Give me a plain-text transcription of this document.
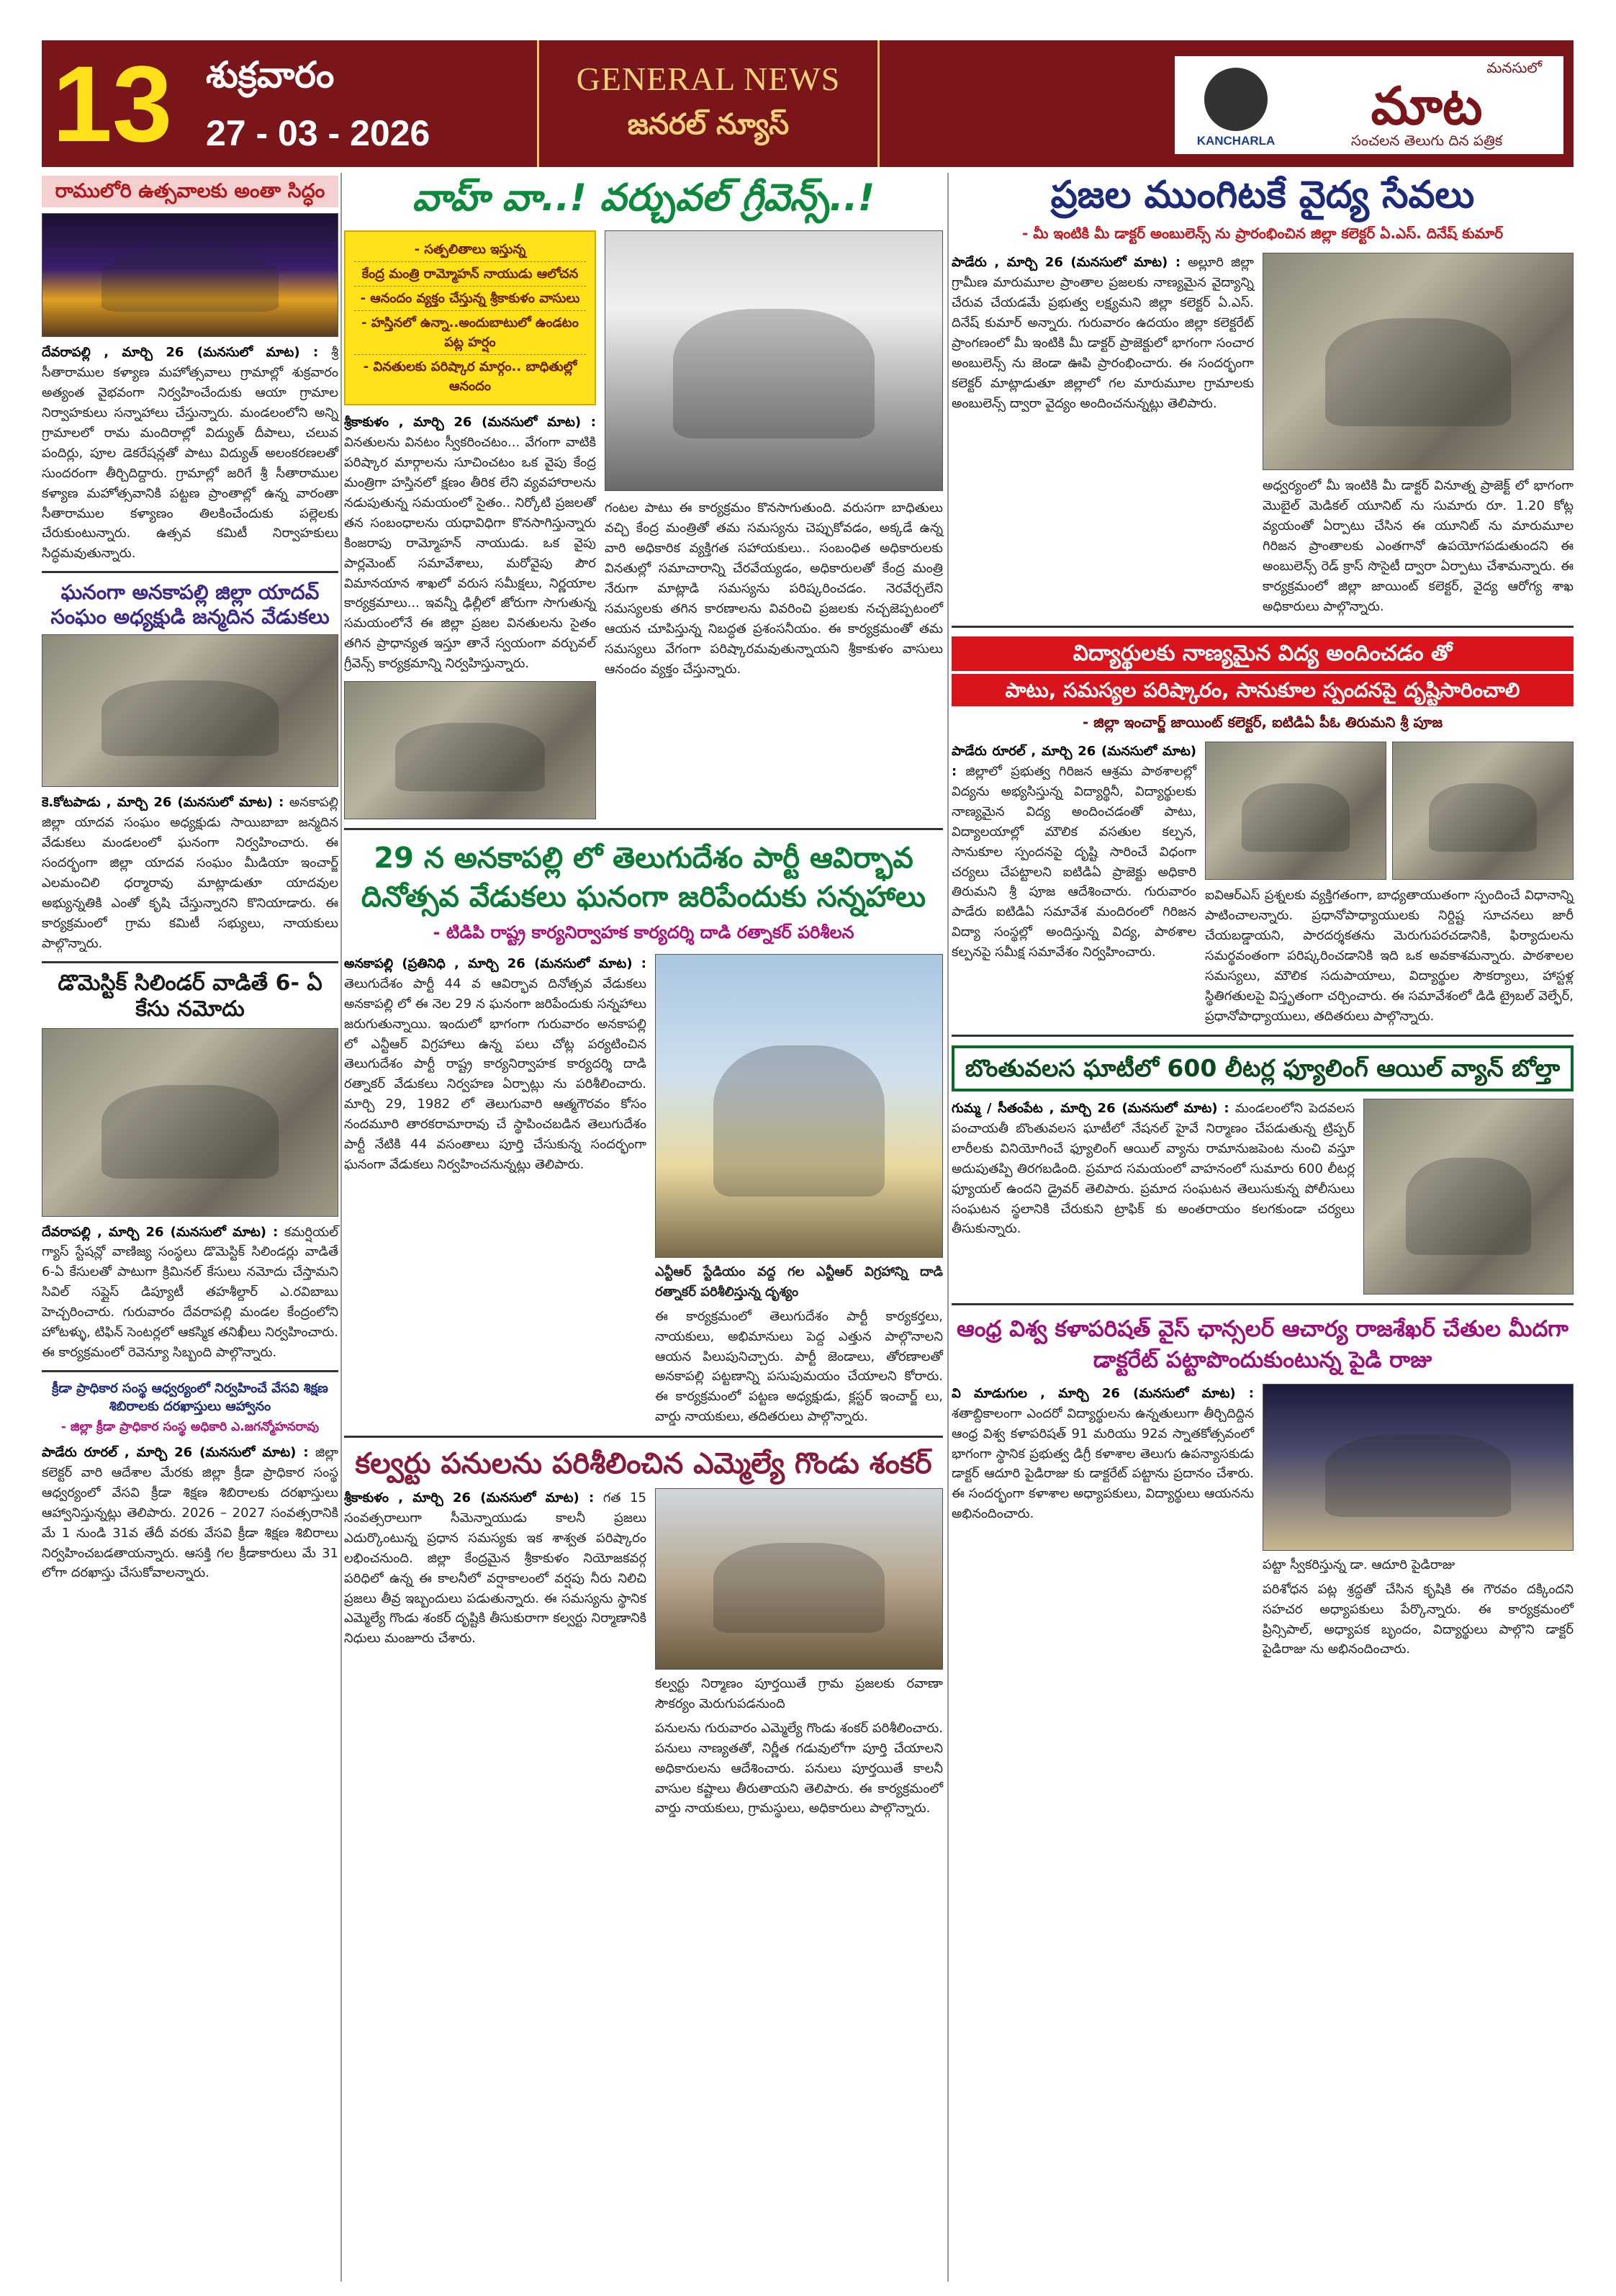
13 శుక్రవారం
27 - 03 - 2026
GENERAL NEWS
జనరల్ న్యూస్	KANCHARLA
మనసులో
మాట
సంచలన తెలుగు దిన పత్రిక
రాములోరి ఉత్సవాలకు అంతా సిద్ధం
దేవరాపల్లి , మార్చి 26 (మనసులో మాట) : శ్రీ సీతారాముల కళ్యాణ మహోత్సవాలు గ్రామాల్లో శుక్రవారం అత్యంత వైభవంగా నిర్వహించేందుకు ఆయా గ్రామాల నిర్వాహకులు సన్నాహాలు చేస్తున్నారు. మండలంలోని అన్ని గ్రామాలలో రామ మందిరాల్లో విద్యుత్ దీపాలు, చలువ పందిర్లు, పూల డెకరేషన్లతో పాటు విద్యుత్ అలంకరణలతో సుందరంగా తీర్చిదిద్దారు. గ్రామాల్లో జరిగే శ్రీ సీతారాముల కళ్యాణ మహోత్సవానికి పట్టణ ప్రాంతాల్లో ఉన్న వారంతా సీతారాముల కళ్యాణం తిలకించేందుకు పల్లెలకు చేరుకుంటున్నారు. ఉత్సవ కమిటీ నిర్వాహకులు సిద్ధమవుతున్నారు.
ఘనంగా అనకాపల్లి జిల్లా యాదవ్ సంఘం అధ్యక్షుడి జన్మదిన వేడుకలు
కె.కోటపాడు , మార్చి 26 (మనసులో మాట) : అనకాపల్లి జిల్లా యాదవ సంఘం అధ్యక్షుడు సాయిబాబా జన్మదిన వేడుకలు మండలంలో ఘనంగా నిర్వహించారు. ఈ సందర్భంగా జిల్లా యాదవ సంఘం మీడియా ఇంచార్జ్ ఎలమంచిలి ధర్మారావు మాట్లాడుతూ యాదవుల అభ్యున్నతికి ఎంతో కృషి చేస్తున్నారని కొనియాడారు. ఈ కార్యక్రమంలో గ్రామ కమిటీ సభ్యులు, నాయకులు పాల్గొన్నారు.
డొమెస్టిక్ సిలిండర్ వాడితే 6- ఏ కేసు నమోదు
దేవరాపల్లి , మార్చి 26 (మనసులో మాట) : కమర్షియల్ గ్యాస్ స్టేషన్లో వాణిజ్య సంస్థలు డొమెస్టిక్ సిలిండర్లు వాడితే 6-ఏ కేసులతో పాటుగా క్రిమినల్ కేసులు నమోదు చేస్తామని సివిల్ సప్లైస్ డిప్యూటీ తహశీల్దార్ ఎ.రవిబాబు హెచ్చరించారు. గురువారం దేవరాపల్లి మండల కేంద్రంలోని హోటళ్ళు, టిఫిన్ సెంటర్లలో ఆకస్మిక తనిఖీలు నిర్వహించారు. ఈ కార్యక్రమంలో రెవెన్యూ సిబ్బంది పాల్గొన్నారు.
క్రీడా ప్రాధికార సంస్థ ఆధ్వర్యంలో నిర్వహించే వేసవి శిక్షణ శిబిరాలకు దరఖాస్తులు ఆహ్వానం
- జిల్లా క్రీడా ప్రాధికార సంస్థ అధికారి ఎ.జగన్మోహనరావు
పాడేరు రూరల్ , మార్చి 26 (మనసులో మాట) : జిల్లా కలెక్టర్ వారి ఆదేశాల మేరకు జిల్లా క్రీడా ప్రాధికార సంస్థ ఆధ్వర్యంలో వేసవి క్రీడా శిక్షణ శిబిరాలకు దరఖాస్తులు ఆహ్వానిస్తున్నట్లు తెలిపారు. 2026 – 2027 సంవత్సరానికి మే 1 నుండి 31వ తేదీ వరకు వేసవి క్రీడా శిక్షణ శిబిరాలు నిర్వహించబడతాయన్నారు. ఆసక్తి గల క్రీడాకారులు మే 31 లోగా దరఖాస్తు చేసుకోవాలన్నారు.
వాహ్ వా..! వర్చువల్ గ్రీవెన్స్..!
- సత్పలితాలు ఇస్తున్న
కేంద్ర మంత్రి రామ్మోహన్ నాయుడు ఆలోచన
- ఆనందం వ్యక్తం చేస్తున్న శ్రీకాకుళం వాసులు
- హస్తినలో ఉన్నా..అందుబాటులో ఉండటం పట్ల హర్షం
- వినతులకు పరిష్కార మార్గం.. బాధితుల్లో ఆనందం
శ్రీకాకుళం , మార్చి 26 (మనసులో మాట) : వినతులను వినటం స్వీకరించటం... వేగంగా వాటికి పరిష్కార మార్గాలను సూచించటం ఒక వైపు కేంద్ర మంత్రిగా హస్తినలో క్షణం తీరిక లేని వ్యవహారాలను నడుపుతున్న సమయంలో సైతం.. నిర్కోటి ప్రజలతో తన సంబంధాలను యధావిధిగా కొనసాగిస్తున్నారు కింజరాపు రామ్మోహన్ నాయుడు. ఒక వైపు పార్లమెంట్ సమావేశాలు, మరోవైపు పౌర విమానయాన శాఖలో వరుస సమీక్షలు, నిర్ణయాల కార్యక్రమాలు... ఇవన్నీ ఢిల్లీలో జోరుగా సాగుతున్న సమయంలోనే ఈ జిల్లా ప్రజల వినతులను సైతం తగిన ప్రాధాన్యత ఇస్తూ తానే స్వయంగా వర్చువల్ గ్రీవెన్స్ కార్యక్రమాన్ని నిర్వహిస్తున్నారు.
గంటల పాటు ఈ కార్యక్రమం కొనసాగుతుంది. వరుసగా బాధితులు వచ్చి కేంద్ర మంత్రితో తమ సమస్యను చెప్పుకోవడం, అక్కడే ఉన్న వారి అధికారిక వ్యక్తిగత సహాయకులు.. సంబంధిత అధికారులకు వినతుల్లో సమాచారాన్ని చేరవేయ్యడం, అధికారులతో కేంద్ర మంత్రి నేరుగా మాట్లాడి సమస్యను పరిష్కరించడం. నెరవేర్చలేని సమస్యలకు తగిన కారణాలను వివరించి ప్రజలకు నచ్చజెప్పటంలో ఆయన చూపిస్తున్న నిబద్ధత ప్రశంసనీయం. ఈ కార్యక్రమంతో తమ సమస్యలు వేగంగా పరిష్కారమవుతున్నాయని శ్రీకాకుళం వాసులు ఆనందం వ్యక్తం చేస్తున్నారు.
29 న అనకాపల్లి లో తెలుగుదేశం పార్టీ ఆవిర్భావ దినోత్సవ వేడుకలు ఘనంగా జరిపేందుకు సన్నహాలు
- టిడిపి రాష్ట్ర కార్యనిర్వాహక కార్యదర్శి దాడి రత్నాకర్ పరిశీలన
అనకాపల్లి (ప్రతినిధి , మార్చి 26 (మనసులో మాట) : తెలుగుదేశం పార్టీ 44 వ ఆవిర్భావ దినోత్సవ వేడుకలు అనకాపల్లి లో ఈ నెల 29 న ఘనంగా జరిపేందుకు సన్నహాలు జరుగుతున్నాయి. ఇందులో భాగంగా గురువారం అనకాపల్లి లో ఎన్టీఆర్ విగ్రహాలు ఉన్న పలు చోట్ల పర్యటించిన తెలుగుదేశం పార్టీ రాష్ట్ర కార్యనిర్వాహక కార్యదర్శి దాడి రత్నాకర్ వేడుకలు నిర్వహణ ఏర్పాట్లు ను పరిశీలించారు. మార్చి 29, 1982 లో తెలుగువారి ఆత్మగౌరవం కోసం నందమూరి తారకరామారావు చే స్థాపించబడిన తెలుగుదేశం పార్టీ నేటికి 44 వసంతాలు పూర్తి చేసుకున్న సందర్భంగా ఘనంగా వేడుకలు నిర్వహించనున్నట్లు తెలిపారు.
ఎన్టీఆర్ స్టేడియం వద్ద గల ఎన్టీఆర్ విగ్రహాన్ని దాడి రత్నాకర్ పరిశీలిస్తున్న దృశ్యం
ఈ కార్యక్రమంలో తెలుగుదేశం పార్టీ కార్యకర్తలు, నాయకులు, అభిమానులు పెద్ద ఎత్తున పాల్గొనాలని ఆయన పిలుపునిచ్చారు. పార్టీ జెండాలు, తోరణాలతో అనకాపల్లి పట్టణాన్ని పసుపుమయం చేయాలని కోరారు. ఈ కార్యక్రమంలో పట్టణ అధ్యక్షుడు, క్లస్టర్ ఇంచార్జ్ లు, వార్డు నాయకులు, తదితరులు పాల్గొన్నారు.
కల్వర్టు పనులను పరిశీలించిన ఎమ్మెల్యే గొండు శంకర్
శ్రీకాకుళం , మార్చి 26 (మనసులో మాట) : గత 15 సంవత్సరాలుగా సీమెన్నాయుడు కాలనీ ప్రజలు ఎదుర్కొంటున్న ప్రధాన సమస్యకు ఇక శాశ్వత పరిష్కారం లభించనుంది. జిల్లా కేంద్రమైన శ్రీకాకుళం నియోజకవర్గ పరిధిలో ఉన్న ఈ కాలనీలో వర్షాకాలంలో వర్షపు నీరు నిలిచి ప్రజలు తీవ్ర ఇబ్బందులు పడుతున్నారు. ఈ సమస్యను స్థానిక ఎమ్మెల్యే గొండు శంకర్ దృష్టికి తీసుకురాగా కల్వర్టు నిర్మాణానికి నిధులు మంజూరు చేశారు.
కల్వర్టు నిర్మాణం పూర్తయితే గ్రామ ప్రజలకు రవాణా సౌకర్యం మెరుగుపడనుంది
పనులను గురువారం ఎమ్మెల్యే గొండు శంకర్ పరిశీలించారు. పనులు నాణ్యతతో, నిర్ణీత గడువులోగా పూర్తి చేయాలని అధికారులను ఆదేశించారు. పనులు పూర్తయితే కాలనీ వాసుల కష్టాలు తీరుతాయని తెలిపారు. ఈ కార్యక్రమంలో వార్డు నాయకులు, గ్రామస్థులు, అధికారులు పాల్గొన్నారు.
ప్రజల ముంగిటకే వైద్య సేవలు
- మీ ఇంటికి మీ డాక్టర్ అంబులెన్స్ ను ప్రారంభించిన జిల్లా కలెక్టర్ ఏ.ఎస్. దినేష్ కుమార్
పాడేరు , మార్చి 26 (మనసులో మాట) : అల్లూరి జిల్లా గ్రామీణ మారుమూల ప్రాంతాల ప్రజలకు నాణ్యమైన వైద్యాన్ని చేరువ చేయడమే ప్రభుత్వ లక్ష్యమని జిల్లా కలెక్టర్ ఏ.ఎస్. దినేష్ కుమార్ అన్నారు. గురువారం ఉదయం జిల్లా కలెక్టరేట్ ప్రాంగణంలో మీ ఇంటికి మీ డాక్టర్ ప్రాజెక్టులో భాగంగా సంచార అంబులెన్స్ ను జెండా ఊపి ప్రారంభించారు. ఈ సందర్భంగా కలెక్టర్ మాట్లాడుతూ జిల్లాలో గల మారుమూల గ్రామాలకు అంబులెన్స్ ద్వారా వైద్యం అందించనున్నట్లు తెలిపారు.
అధ్వర్యంలో మీ ఇంటికి మీ డాక్టర్ వినూత్న ప్రాజెక్ట్ లో భాగంగా మొబైల్ మెడికల్ యూనిట్ ను సుమారు రూ. 1.20 కోట్ల వ్యయంతో ఏర్పాటు చేసిన ఈ యూనిట్ ను మారుమూల గిరిజన ప్రాంతాలకు ఎంతగానో ఉపయోగపడుతుందని ఈ అంబులెన్స్ రెడ్ క్రాస్ సొసైటీ ద్వారా ఏర్పాటు చేశామన్నారు. ఈ కార్యక్రమంలో జిల్లా జాయింట్ కలెక్టర్, వైద్య ఆరోగ్య శాఖ అధికారులు పాల్గొన్నారు.
విద్యార్థులకు నాణ్యమైన విద్య అందించడం తో
పాటు, సమస్యల పరిష్కారం, సానుకూల స్పందనపై దృష్టిసారించాలి
- జిల్లా ఇంచార్జ్ జాయింట్ కలెక్టర్, ఐటిడిఏ పీఓ తిరుమని శ్రీ పూజ
పాడేరు రూరల్ , మార్చి 26 (మనసులో మాట) : జిల్లాలో ప్రభుత్వ గిరిజన ఆశ్రమ పాఠశాలల్లో విద్యను అభ్యసిస్తున్న విద్యార్థినీ, విద్యార్థులకు నాణ్యమైన విద్య అందించడంతో పాటు, విద్యాలయాల్లో మౌలిక వసతుల కల్పన, సానుకూల స్పందనపై దృష్టి సారించే విధంగా చర్యలు చేపట్టాలని ఐటిడిఏ ప్రాజెక్టు అధికారి తిరుమని శ్రీ పూజ ఆదేశించారు. గురువారం పాడేరు ఐటిడిఏ సమావేశ మందిరంలో గిరిజన విద్యా సంస్థల్లో అందిస్తున్న విద్య, పాఠశాల కల్పనపై సమీక్ష సమావేశం నిర్వహించారు.
ఐవిఆర్ఎస్ ప్రశ్నలకు వ్యక్తిగతంగా, బాధ్యతాయుతంగా స్పందించే విధానాన్ని పాటించాలన్నారు. ప్రధానోపాధ్యాయులకు నిర్దిష్ట సూచనలు జారీ చేయబడ్డాయని, పారదర్శకతను మెరుగుపరచడానికి, ఫిర్యాదులను సమర్థవంతంగా పరిష్కరించడానికి ఇది ఒక అవకాశమన్నారు. పాఠశాలల సమస్యలు, మౌలిక సదుపాయాలు, విద్యార్థుల సౌకర్యాలు, హాస్టళ్ల స్థితిగతులపై విస్తృతంగా చర్చించారు. ఈ సమావేశంలో డిడి ట్రైబల్ వెల్ఫేర్, ప్రధానోపాధ్యాయులు, తదితరులు పాల్గొన్నారు.
బొంతువలస ఘాటీలో 600 లీటర్ల ఫ్యూలింగ్ ఆయిల్ వ్యాన్ బోల్తా
గుమ్మ / సీతంపేట , మార్చి 26 (మనసులో మాట) : మండలంలోని పెదవలస పంచాయతీ బొంతువలస ఘాటీలో నేషనల్ హైవే నిర్మాణం చేపడుతున్న ట్రిప్పర్ లారీలకు వినియోగించే ఫ్యూలింగ్ ఆయిల్ వ్యాను రామానుజపెంట నుంచి వస్తూ అదుపుతప్పి తిరగబడింది. ప్రమాద సమయంలో వాహనంలో సుమారు 600 లీటర్ల ఫ్యూయల్ ఉందని డ్రైవర్ తెలిపారు. ప్రమాద సంఘటన తెలుసుకున్న పోలీసులు సంఘటన స్థలానికి చేరుకుని ట్రాఫిక్ కు అంతరాయం కలగకుండా చర్యలు తీసుకున్నారు.
ఆంధ్ర విశ్వ కళాపరిషత్ వైస్ ఛాన్సలర్ ఆచార్య రాజశేఖర్ చేతుల మీదగా డాక్టరేట్ పట్టాపొందుకుంటున్న పైడి రాజు
వి మాడుగుల , మార్చి 26 (మనసులో మాట) : శతాబ్దికాలంగా ఎందరో విద్యార్థులను ఉన్నతులుగా తీర్చిదిద్దిన ఆంధ్ర విశ్వ కళాపరిషత్ 91 మరియు 92వ స్నాతకోత్సవంలో భాగంగా స్థానిక ప్రభుత్వ డిగ్రీ కళాశాల తెలుగు ఉపన్యాసకుడు డాక్టర్ ఆదూరి పైడిరాజు కు డాక్టరేట్ పట్టాను ప్రదానం చేశారు. ఈ సందర్భంగా కళాశాల అధ్యాపకులు, విద్యార్థులు ఆయనను అభినందించారు.
పట్టా స్వీకరిస్తున్న డా. ఆదూరి పైడిరాజు
పరిశోధన పట్ల శ్రద్ధతో చేసిన కృషికి ఈ గౌరవం దక్కిందని సహచర అధ్యాపకులు పేర్కొన్నారు. ఈ కార్యక్రమంలో ప్రిన్సిపాల్, అధ్యాపక బృందం, విద్యార్థులు పాల్గొని డాక్టర్ పైడిరాజు ను అభినందించారు.
